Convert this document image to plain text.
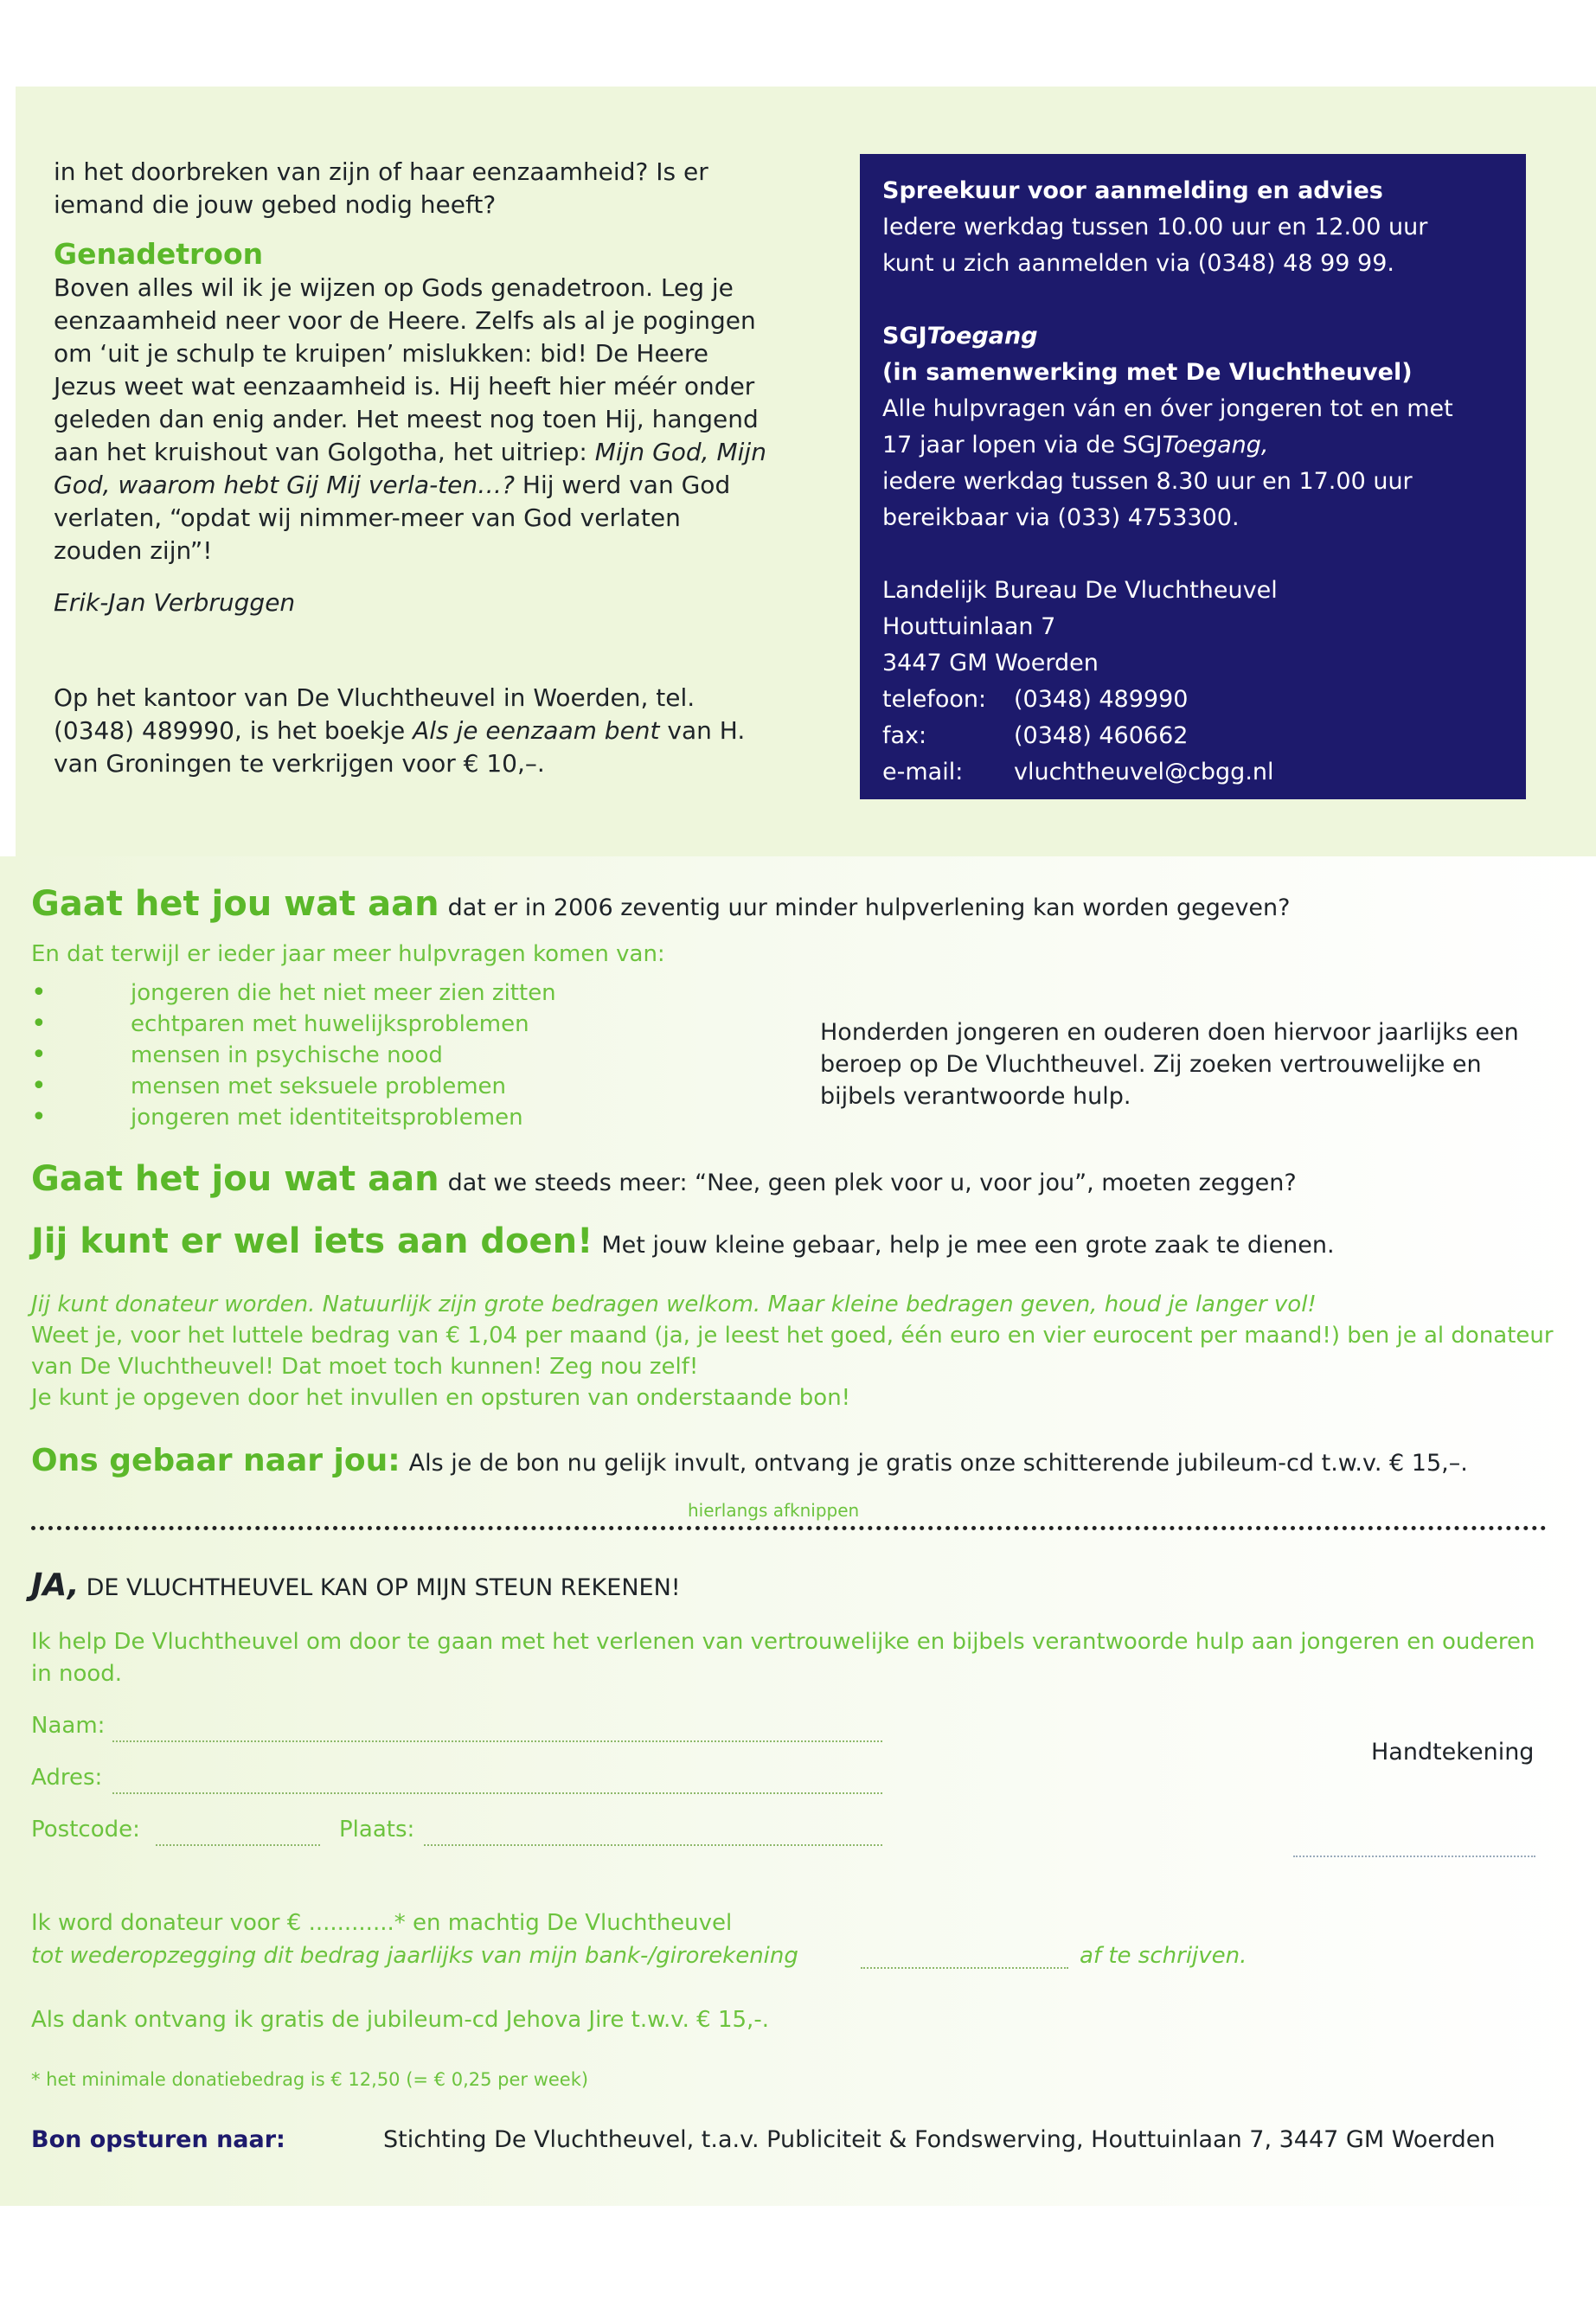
in het doorbreken van zijn of haar eenzaamheid? Is er iemand die jouw gebed nodig heeft?

Genadetroon

Boven alles wil ik je wijzen op Gods genadetroon. Leg je eenzaamheid neer voor de Heere. Zelfs als al je pogingen om ‘uit je schulp te kruipen’ mislukken: bid! De Heere Jezus weet wat eenzaamheid is. Hij heeft hier méér onder geleden dan enig ander. Het meest nog toen Hij, hangend aan het kruishout van Golgotha, het uitriep: Mijn God, Mijn God, waarom hebt Gij Mij verla-ten…? Hij werd van God verlaten, “opdat wij nimmer-meer van God verlaten zouden zijn”!

Erik-Jan Verbruggen

Op het kantoor van De Vluchtheuvel in Woerden, tel. (0348) 489990, is het boekje Als je eenzaam bent van H. van Groningen te verkrijgen voor € 10,–.

Spreekuur voor aanmelding en advies

Iedere werkdag tussen 10.00 uur en 12.00 uur

kunt u zich aanmelden via (0348) 48 99 99.

SGJToegang

(in samenwerking met De Vluchtheuvel)

Alle hulpvragen ván en óver jongeren tot en met

17 jaar lopen via de SGJToegang,

iedere werkdag tussen 8.30 uur en 17.00 uur

bereikbaar via (033) 4753300.

Landelijk Bureau De Vluchtheuvel

Houttuinlaan 7

3447 GM Woerden

telefoon:	(0348) 489990
fax:	(0348) 460662
e-mail:	vluchtheuvel@cbgg.nl
Gaat het jou wat aan dat er in 2006 zeventig uur minder hulpverlening kan worden gegeven?
En dat terwijl er ieder jaar meer hulpvragen komen van:
•	jongeren die het niet meer zien zitten
•	echtparen met huwelijksproblemen
•	mensen in psychische nood
•	mensen met seksuele problemen
•	jongeren met identiteitsproblemen
Honderden jongeren en ouderen doen hiervoor jaarlijks een beroep op De Vluchtheuvel. Zij zoeken vertrouwelijke en bijbels verantwoorde hulp.
Gaat het jou wat aan dat we steeds meer: “Nee, geen plek voor u, voor jou”, moeten zeggen?
Jij kunt er wel iets aan doen! Met jouw kleine gebaar, help je mee een grote zaak te dienen.

Jij kunt donateur worden. Natuurlijk zijn grote bedragen welkom. Maar kleine bedragen geven, houd je langer vol!

Weet je, voor het luttele bedrag van € 1,04 per maand (ja, je leest het goed, één euro en vier eurocent per maand!) ben je al donateur van De Vluchtheuvel! Dat moet toch kunnen! Zeg nou zelf!

Je kunt je opgeven door het invullen en opsturen van onderstaande bon!

Ons gebaar naar jou: Als je de bon nu gelijk invult, ontvang je gratis onze schitterende jubileum-cd t.w.v. € 15,–.
hierlangs afknippen
JA, DE VLUCHTHEUVEL KAN OP MIJN STEUN REKENEN!
Ik help De Vluchtheuvel om door te gaan met het verlenen van vertrouwelijke en bijbels verantwoorde hulp aan jongeren en ouderen in nood.
Naam:
Adres:
Postcode:	Plaats:
Handtekening
Ik word donateur voor € ............* en machtig De Vluchtheuvel
tot wederopzegging dit bedrag jaarlijks van mijn bank-/girorekening	af te schrijven.
Als dank ontvang ik gratis de jubileum-cd Jehova Jire t.w.v. € 15,-.
* het minimale donatiebedrag is € 12,50 (= € 0,25 per week)
Bon opsturen naar:	Stichting De Vluchtheuvel, t.a.v. Publiciteit & Fondswerving, Houttuinlaan 7, 3447 GM Woerden
